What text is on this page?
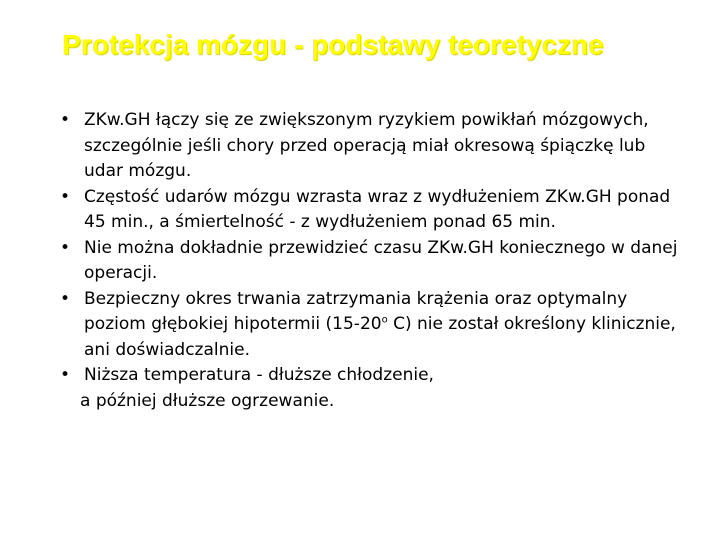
Protekcja mózgu - podstawy teoretyczne
• ZKw.GH łączy się ze zwiększonym ryzykiem powikłań mózgowych, szczególnie jeśli chory przed operacją miał okresową śpiączkę lub udar mózgu.
• Częstość udarów mózgu wzrasta wraz z wydłużeniem ZKw.GH ponad 45 min., a śmiertelność - z wydłużeniem ponad 65 min.
• Nie można dokładnie przewidzieć czasu ZKw.GH koniecznego w danej operacji.
• Bezpieczny okres trwania zatrzymania krążenia oraz optymalny poziom głębokiej hipotermii (15-20$^o$ C) nie został określony klinicznie, ani doświadczalnie.
• Niższa temperatura - dłuższe chłodzenie,
a później dłuższe ogrzewanie.
